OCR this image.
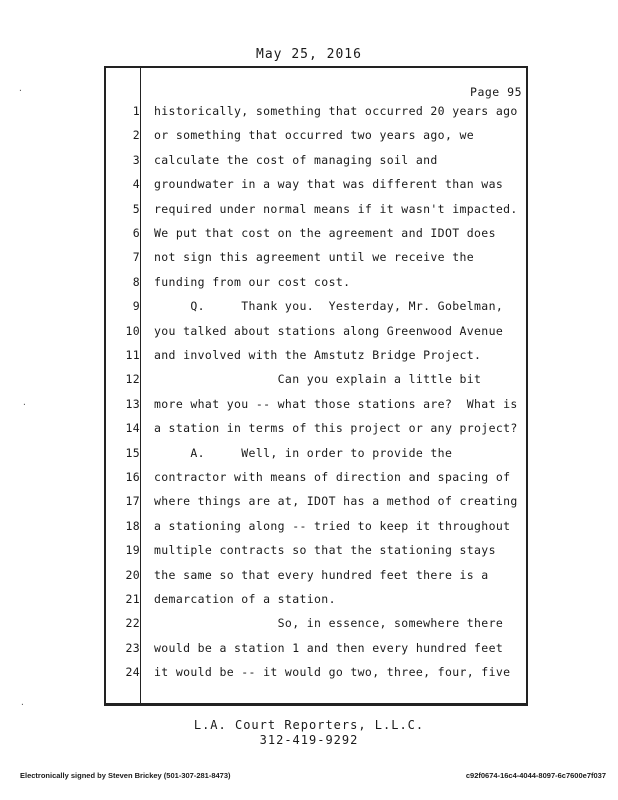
May 25, 2016
Page 95
1 historically, something that occurred 20 years ago
2 or something that occurred two years ago, we
3 calculate the cost of managing soil and
4 groundwater in a way that was different than was
5 required under normal means if it wasn't impacted.
6 We put that cost on the agreement and IDOT does
7 not sign this agreement until we receive the
8 funding from our cost cost.
9 Q.     Thank you.  Yesterday, Mr. Gobelman,
10 you talked about stations along Greenwood Avenue
11 and involved with the Amstutz Bridge Project.
12 Can you explain a little bit
13 more what you -- what those stations are?  What is
14 a station in terms of this project or any project?
15 A.     Well, in order to provide the
16 contractor with means of direction and spacing of
17 where things are at, IDOT has a method of creating
18 a stationing along -- tried to keep it throughout
19 multiple contracts so that the stationing stays
20 the same so that every hundred feet there is a
21 demarcation of a station.
22 So, in essence, somewhere there
23 would be a station 1 and then every hundred feet
24 it would be -- it would go two, three, four, five
L.A. Court Reporters, L.L.C.
312-419-9292
Electronically signed by Steven Brickey (501-307-281-8473)	c92f0674-16c4-4044-8097-6c7600e7f037
·
·
·
